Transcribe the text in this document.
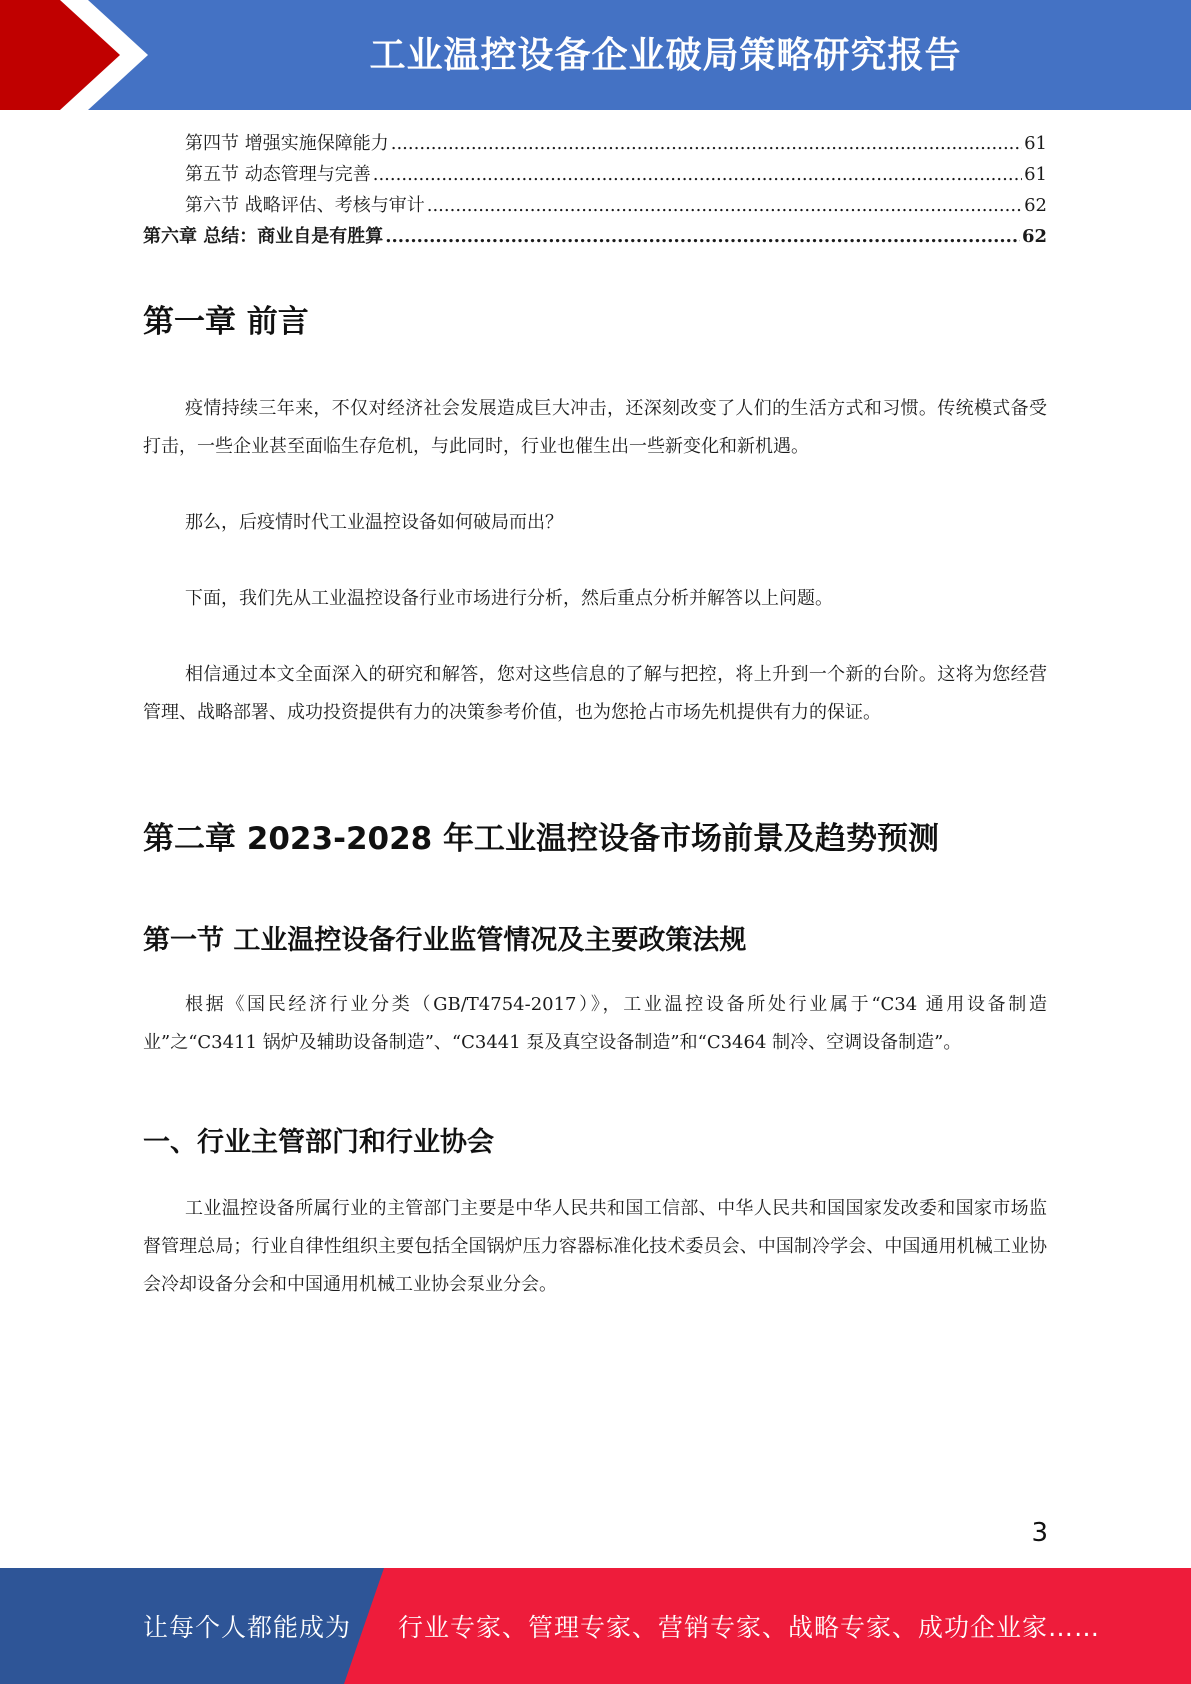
工业温控设备企业破局策略研究报告
第四节 增强实施保障能力 .....	61
第五节 动态管理与完善 .....	61
第六节 战略评估、考核与审计 .....	62
第六章 总结：商业自是有胜算 .....	62
第一章 前言

疫情持续三年来，不仅对经济社会发展造成巨大冲击，还深刻改变了人们的生活方式和习惯。传统模式备受打击，一些企业甚至面临生存危机，与此同时，行业也催生出一些新变化和新机遇。

那么，后疫情时代工业温控设备如何破局而出？

下面，我们先从工业温控设备行业市场进行分析，然后重点分析并解答以上问题。

相信通过本文全面深入的研究和解答，您对这些信息的了解与把控，将上升到一个新的台阶。这将为您经营管理、战略部署、成功投资提供有力的决策参考价值，也为您抢占市场先机提供有力的保证。

第二章 2023-2028 年工业温控设备市场前景及趋势预测
第一节 工业温控设备行业监管情况及主要政策法规

根据《国民经济行业分类（GB/T4754-2017）》，工业温控设备所处行业属于“C34 通用设备制造业”之“C3411 锅炉及辅助设备制造”、“C3441 泵及真空设备制造”和“C3464 制冷、空调设备制造”。

一、行业主管部门和行业协会

工业温控设备所属行业的主管部门主要是中华人民共和国工信部、中华人民共和国国家发改委和国家市场监督管理总局；行业自律性组织主要包括全国锅炉压力容器标准化技术委员会、中国制冷学会、中国通用机械工业协会冷却设备分会和中国通用机械工业协会泵业分会。

3
让每个人都能成为 行业专家、管理专家、营销专家、战略专家、成功企业家……
